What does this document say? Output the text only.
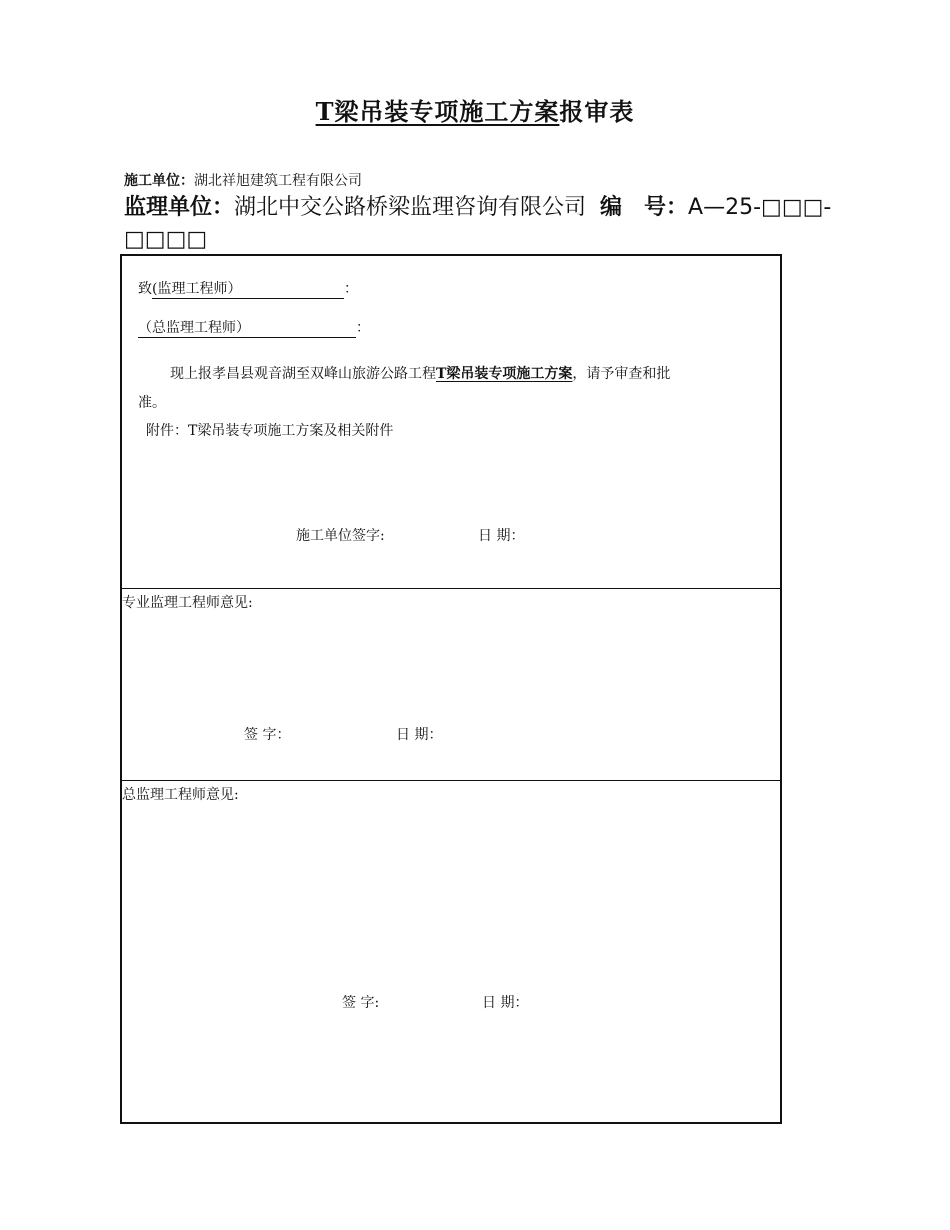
T梁吊装专项施工方案报审表
施工单位：湖北祥旭建筑工程有限公司
监理单位：湖北中交公路桥梁监理咨询有限公司 编　号：A—25-□□□-□□□□
致(监理工程师）	：
（总监理工程师）	：
现上报孝昌县观音湖至双峰山旅游公路工程T梁吊装专项施工方案，请予审查和批
准。
附件：T梁吊装专项施工方案及相关附件
施工单位签字:	日 期：
专业监理工程师意见:
签 字：	日 期：
总监理工程师意见:
签 字:	日 期：
